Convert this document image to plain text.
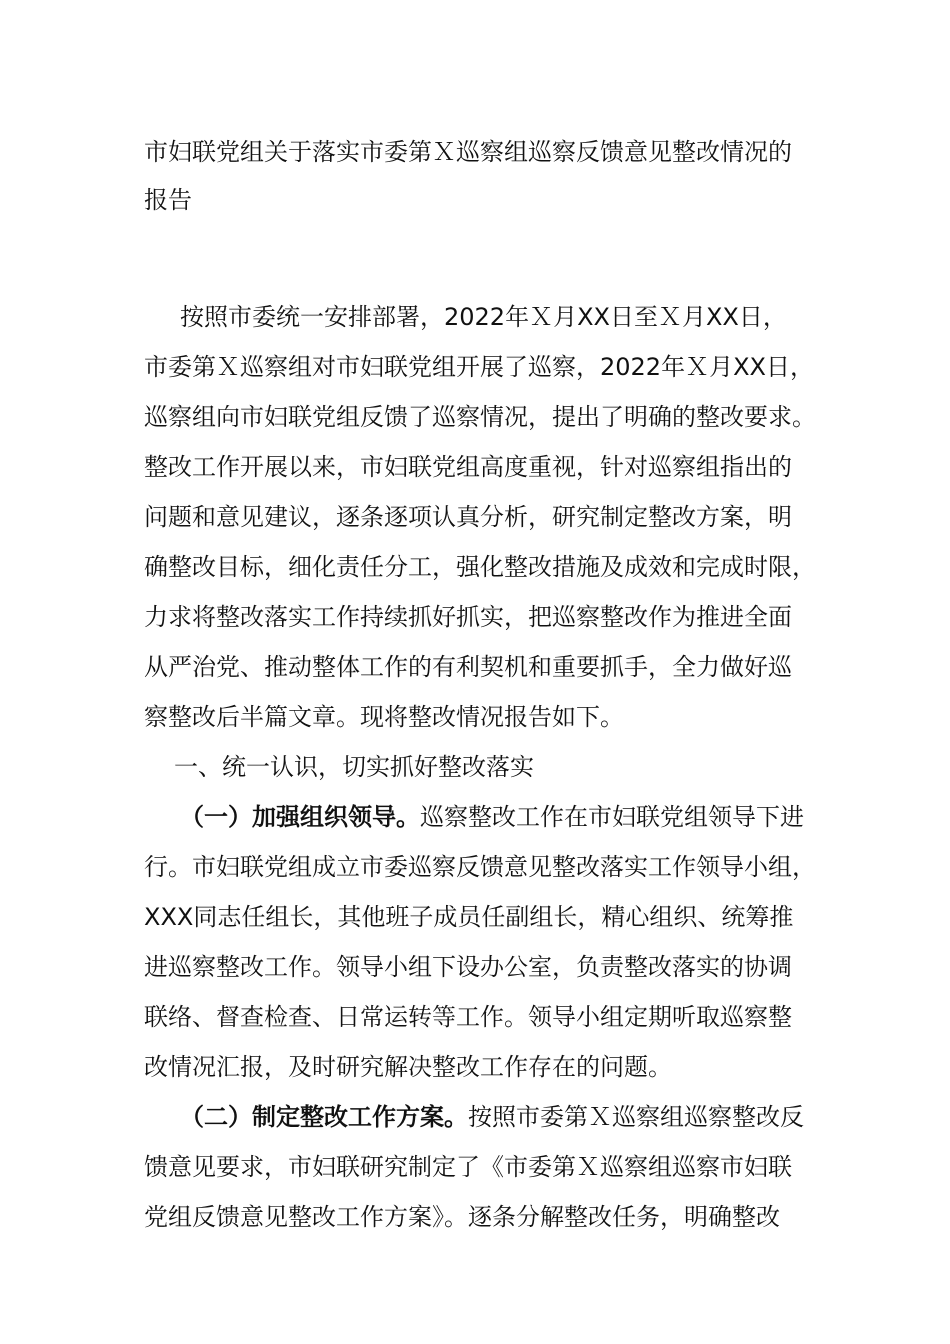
市妇联党组关于落实市委第Ｘ巡察组巡察反馈意见整改情况的
报告
按照市委统一安排部署，2022年Ｘ月XX日至Ｘ月XX日，
市委第Ｘ巡察组对市妇联党组开展了巡察，2022年Ｘ月XX日，
巡察组向市妇联党组反馈了巡察情况，提出了明确的整改要求。
整改工作开展以来，市妇联党组高度重视，针对巡察组指出的
问题和意见建议，逐条逐项认真分析，研究制定整改方案，明
确整改目标，细化责任分工，强化整改措施及成效和完成时限，
力求将整改落实工作持续抓好抓实，把巡察整改作为推进全面
从严治党、推动整体工作的有利契机和重要抓手，全力做好巡
察整改后半篇文章。现将整改情况报告如下。
一、统一认识，切实抓好整改落实
（一）加强组织领导。巡察整改工作在市妇联党组领导下进
行。市妇联党组成立市委巡察反馈意见整改落实工作领导小组，
XXX同志任组长，其他班子成员任副组长，精心组织、统筹推
进巡察整改工作。领导小组下设办公室，负责整改落实的协调
联络、督查检查、日常运转等工作。领导小组定期听取巡察整
改情况汇报，及时研究解决整改工作存在的问题。
（二）制定整改工作方案。按照市委第Ｘ巡察组巡察整改反
馈意见要求，市妇联研究制定了《市委第Ｘ巡察组巡察市妇联
党组反馈意见整改工作方案》。逐条分解整改任务，明确整改
